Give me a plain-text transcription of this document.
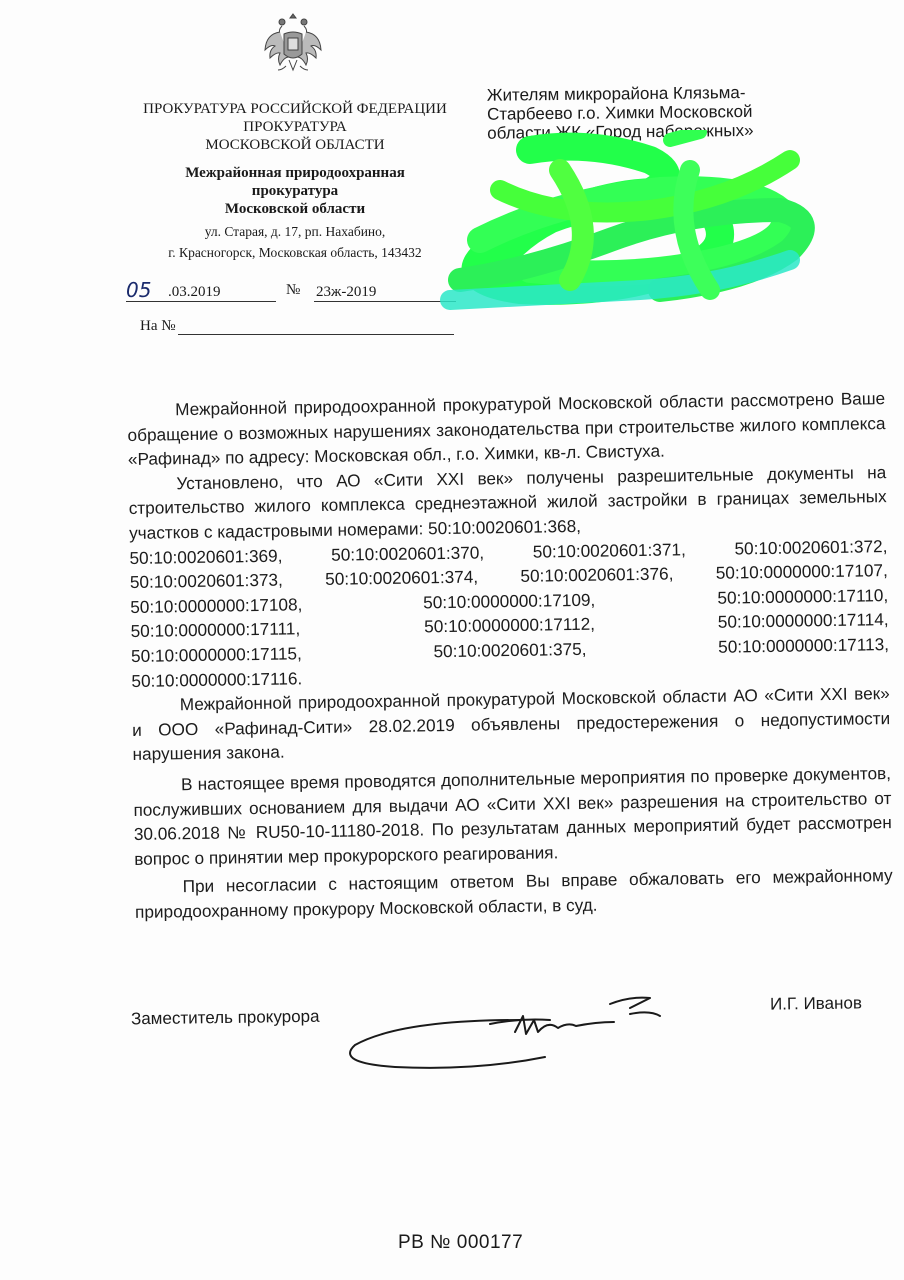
ПРОКУРАТУРА РОССИЙСКОЙ ФЕДЕРАЦИИ
ПРОКУРАТУРА
МОСКОВСКОЙ ОБЛАСТИ
Межрайонная природоохранная
прокуратура
Московской области
ул. Старая, д. 17, рп. Нахабино,
г. Красногорск, Московская область, 143432
05	.03.2019	№ 23ж-2019
На №
Жителям микрорайона Клязьма-
Старбеево г.о. Химки Московской
области ЖК «Город набережных»

Межрайонной природоохранной прокуратурой Московской области рассмотрено Ваше обращение о возможных нарушениях законодательства при строительстве жилого комплекса «Рафинад» по адресу: Московская обл., г.о. Химки, кв-л. Свистуха.

Установлено, что АО «Сити XXI век» получены разрешительные документы на строительство жилого комплекса среднеэтажной жилой застройки в границах земельных участков с кадастровыми номерами: 50:10:0020601:368,
50:10:0020601:369,	50:10:0020601:370,	50:10:0020601:371,	50:10:0020601:372,
50:10:0020601:373, 50:10:0020601:374, 50:10:0020601:376, 50:10:0000000:17107,
50:10:0000000:17108,	50:10:0000000:17109,	50:10:0000000:17110,
50:10:0000000:17111,	50:10:0000000:17112,	50:10:0000000:17114,
50:10:0000000:17115,	50:10:0020601:375,	50:10:0000000:17113,
50:10:0000000:17116.

Межрайонной природоохранной прокуратурой Московской области АО «Сити XXI век» и ООО «Рафинад-Сити» 28.02.2019 объявлены предостережения о недопустимости нарушения закона.

В настоящее время проводятся дополнительные мероприятия по проверке документов, послуживших основанием для выдачи АО «Сити XXI век» разрешения на строительство от 30.06.2018 № RU50-10-11180-2018. По результатам данных мероприятий будет рассмотрен вопрос о принятии мер прокурорского реагирования.

При несогласии с настоящим ответом Вы вправе обжаловать его межрайонному природоохранному прокурору Московской области, в суд.

Заместитель прокурора
И.Г. Иванов
РВ № 000177
